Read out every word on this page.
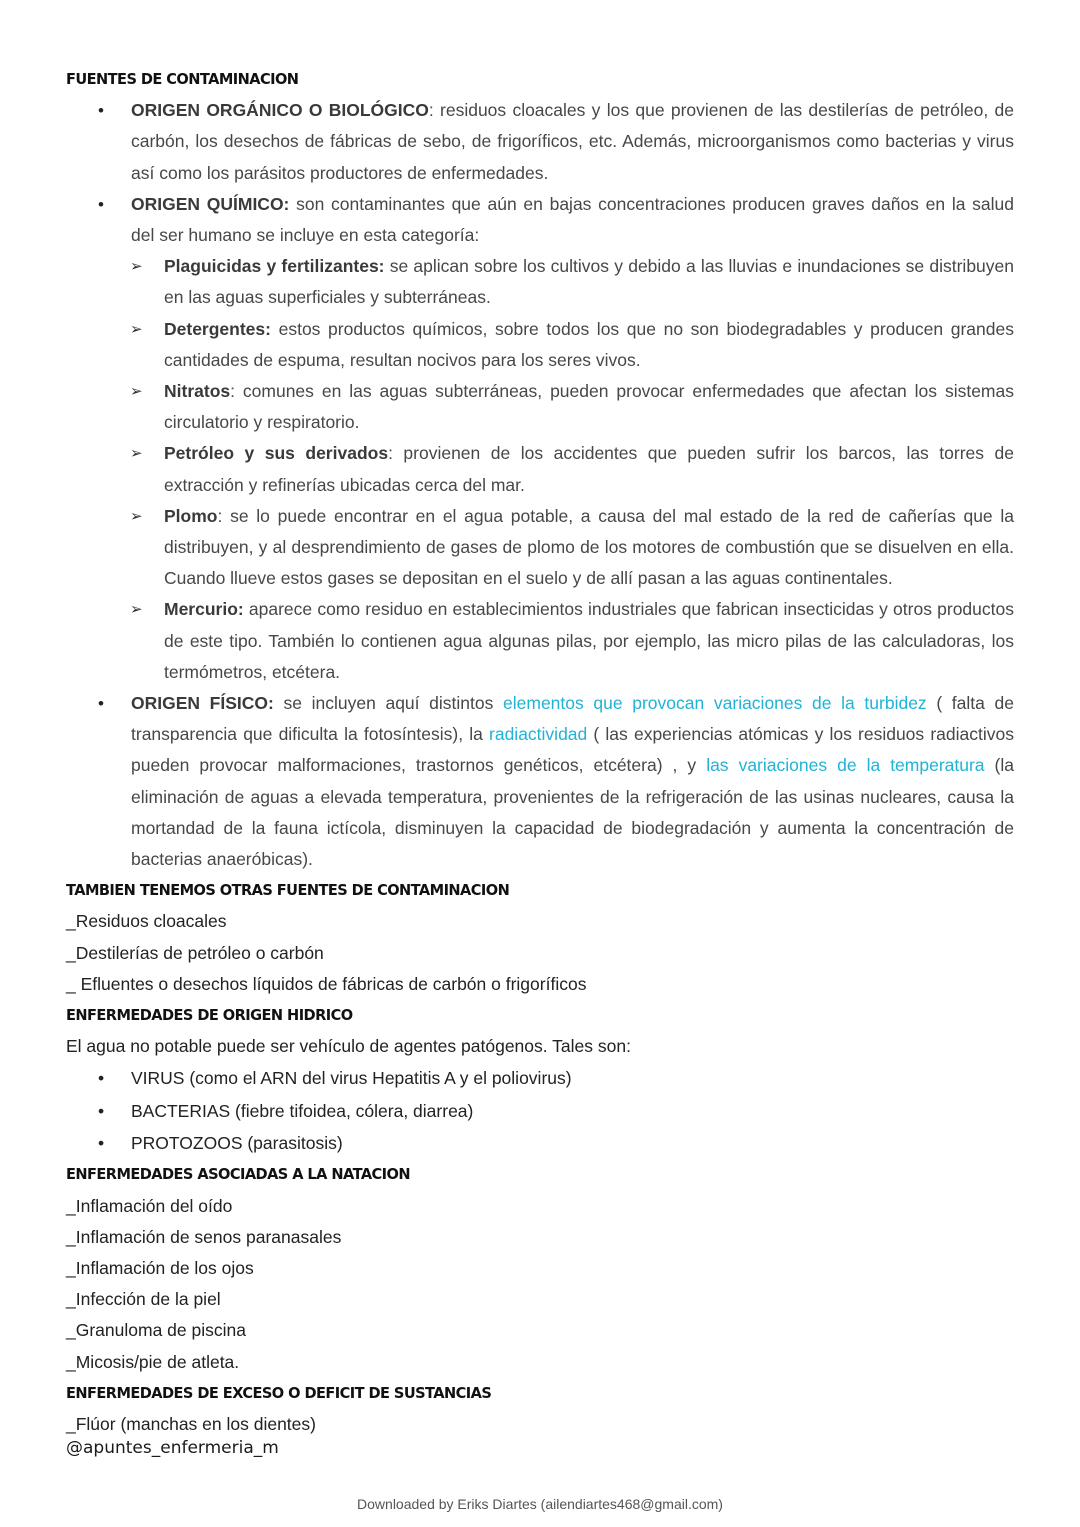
FUENTES DE CONTAMINACION
• ORIGEN ORGÁNICO O BIOLÓGICO: residuos cloacales y los que provienen de las destilerías de petróleo, de carbón, los desechos de fábricas de sebo, de frigoríficos, etc. Además, microorganismos como bacterias y virus así como los parásitos productores de enfermedades.
• ORIGEN QUÍMICO: son contaminantes que aún en bajas concentraciones producen graves daños en la salud del ser humano se incluye en esta categoría:
➢ Plaguicidas y fertilizantes: se aplican sobre los cultivos y debido a las lluvias e inundaciones se distribuyen en las aguas superficiales y subterráneas.
➢ Detergentes: estos productos químicos, sobre todos los que no son biodegradables y producen grandes cantidades de espuma, resultan nocivos para los seres vivos.
➢ Nitratos: comunes en las aguas subterráneas, pueden provocar enfermedades que afectan los sistemas circulatorio y respiratorio.
➢ Petróleo y sus derivados: provienen de los accidentes que pueden sufrir los barcos, las torres de extracción y refinerías ubicadas cerca del mar.
➢ Plomo: se lo puede encontrar en el agua potable, a causa del mal estado de la red de cañerías que la distribuyen, y al desprendimiento de gases de plomo de los motores de combustión que se disuelven en ella. Cuando llueve estos gases se depositan en el suelo y de allí pasan a las aguas continentales.
➢ Mercurio: aparece como residuo en establecimientos industriales que fabrican insecticidas y otros productos de este tipo. También lo contienen agua algunas pilas, por ejemplo, las micro pilas de las calculadoras, los termómetros, etcétera.
• ORIGEN FÍSICO: se incluyen aquí distintos elementos que provocan variaciones de la turbidez ( falta de transparencia que dificulta la fotosíntesis), la radiactividad ( las experiencias atómicas y los residuos radiactivos pueden provocar malformaciones, trastornos genéticos, etcétera) , y las variaciones de la temperatura (la eliminación de aguas a elevada temperatura, provenientes de la refrigeración de las usinas nucleares, causa la mortandad de la fauna ictícola, disminuyen la capacidad de biodegradación y aumenta la concentración de bacterias anaeróbicas).
TAMBIEN TENEMOS OTRAS FUENTES DE CONTAMINACION
_Residuos cloacales
_Destilerías de petróleo o carbón
_ Efluentes o desechos líquidos de fábricas de carbón o frigoríficos
ENFERMEDADES DE ORIGEN HIDRICO
El agua no potable puede ser vehículo de agentes patógenos. Tales son:
• VIRUS (como el ARN del virus Hepatitis A y el poliovirus)
• BACTERIAS (fiebre tifoidea, cólera, diarrea)
• PROTOZOOS (parasitosis)
ENFERMEDADES ASOCIADAS A LA NATACION
_Inflamación del oído
_Inflamación de senos paranasales
_Inflamación de los ojos
_Infección de la piel
_Granuloma de piscina
_Micosis/pie de atleta.
ENFERMEDADES DE EXCESO O DEFICIT DE SUSTANCIAS
_Flúor (manchas en los dientes)
@apuntes_enfermeria_m
Downloaded by Eriks Diartes (ailendiartes468@gmail.com)
